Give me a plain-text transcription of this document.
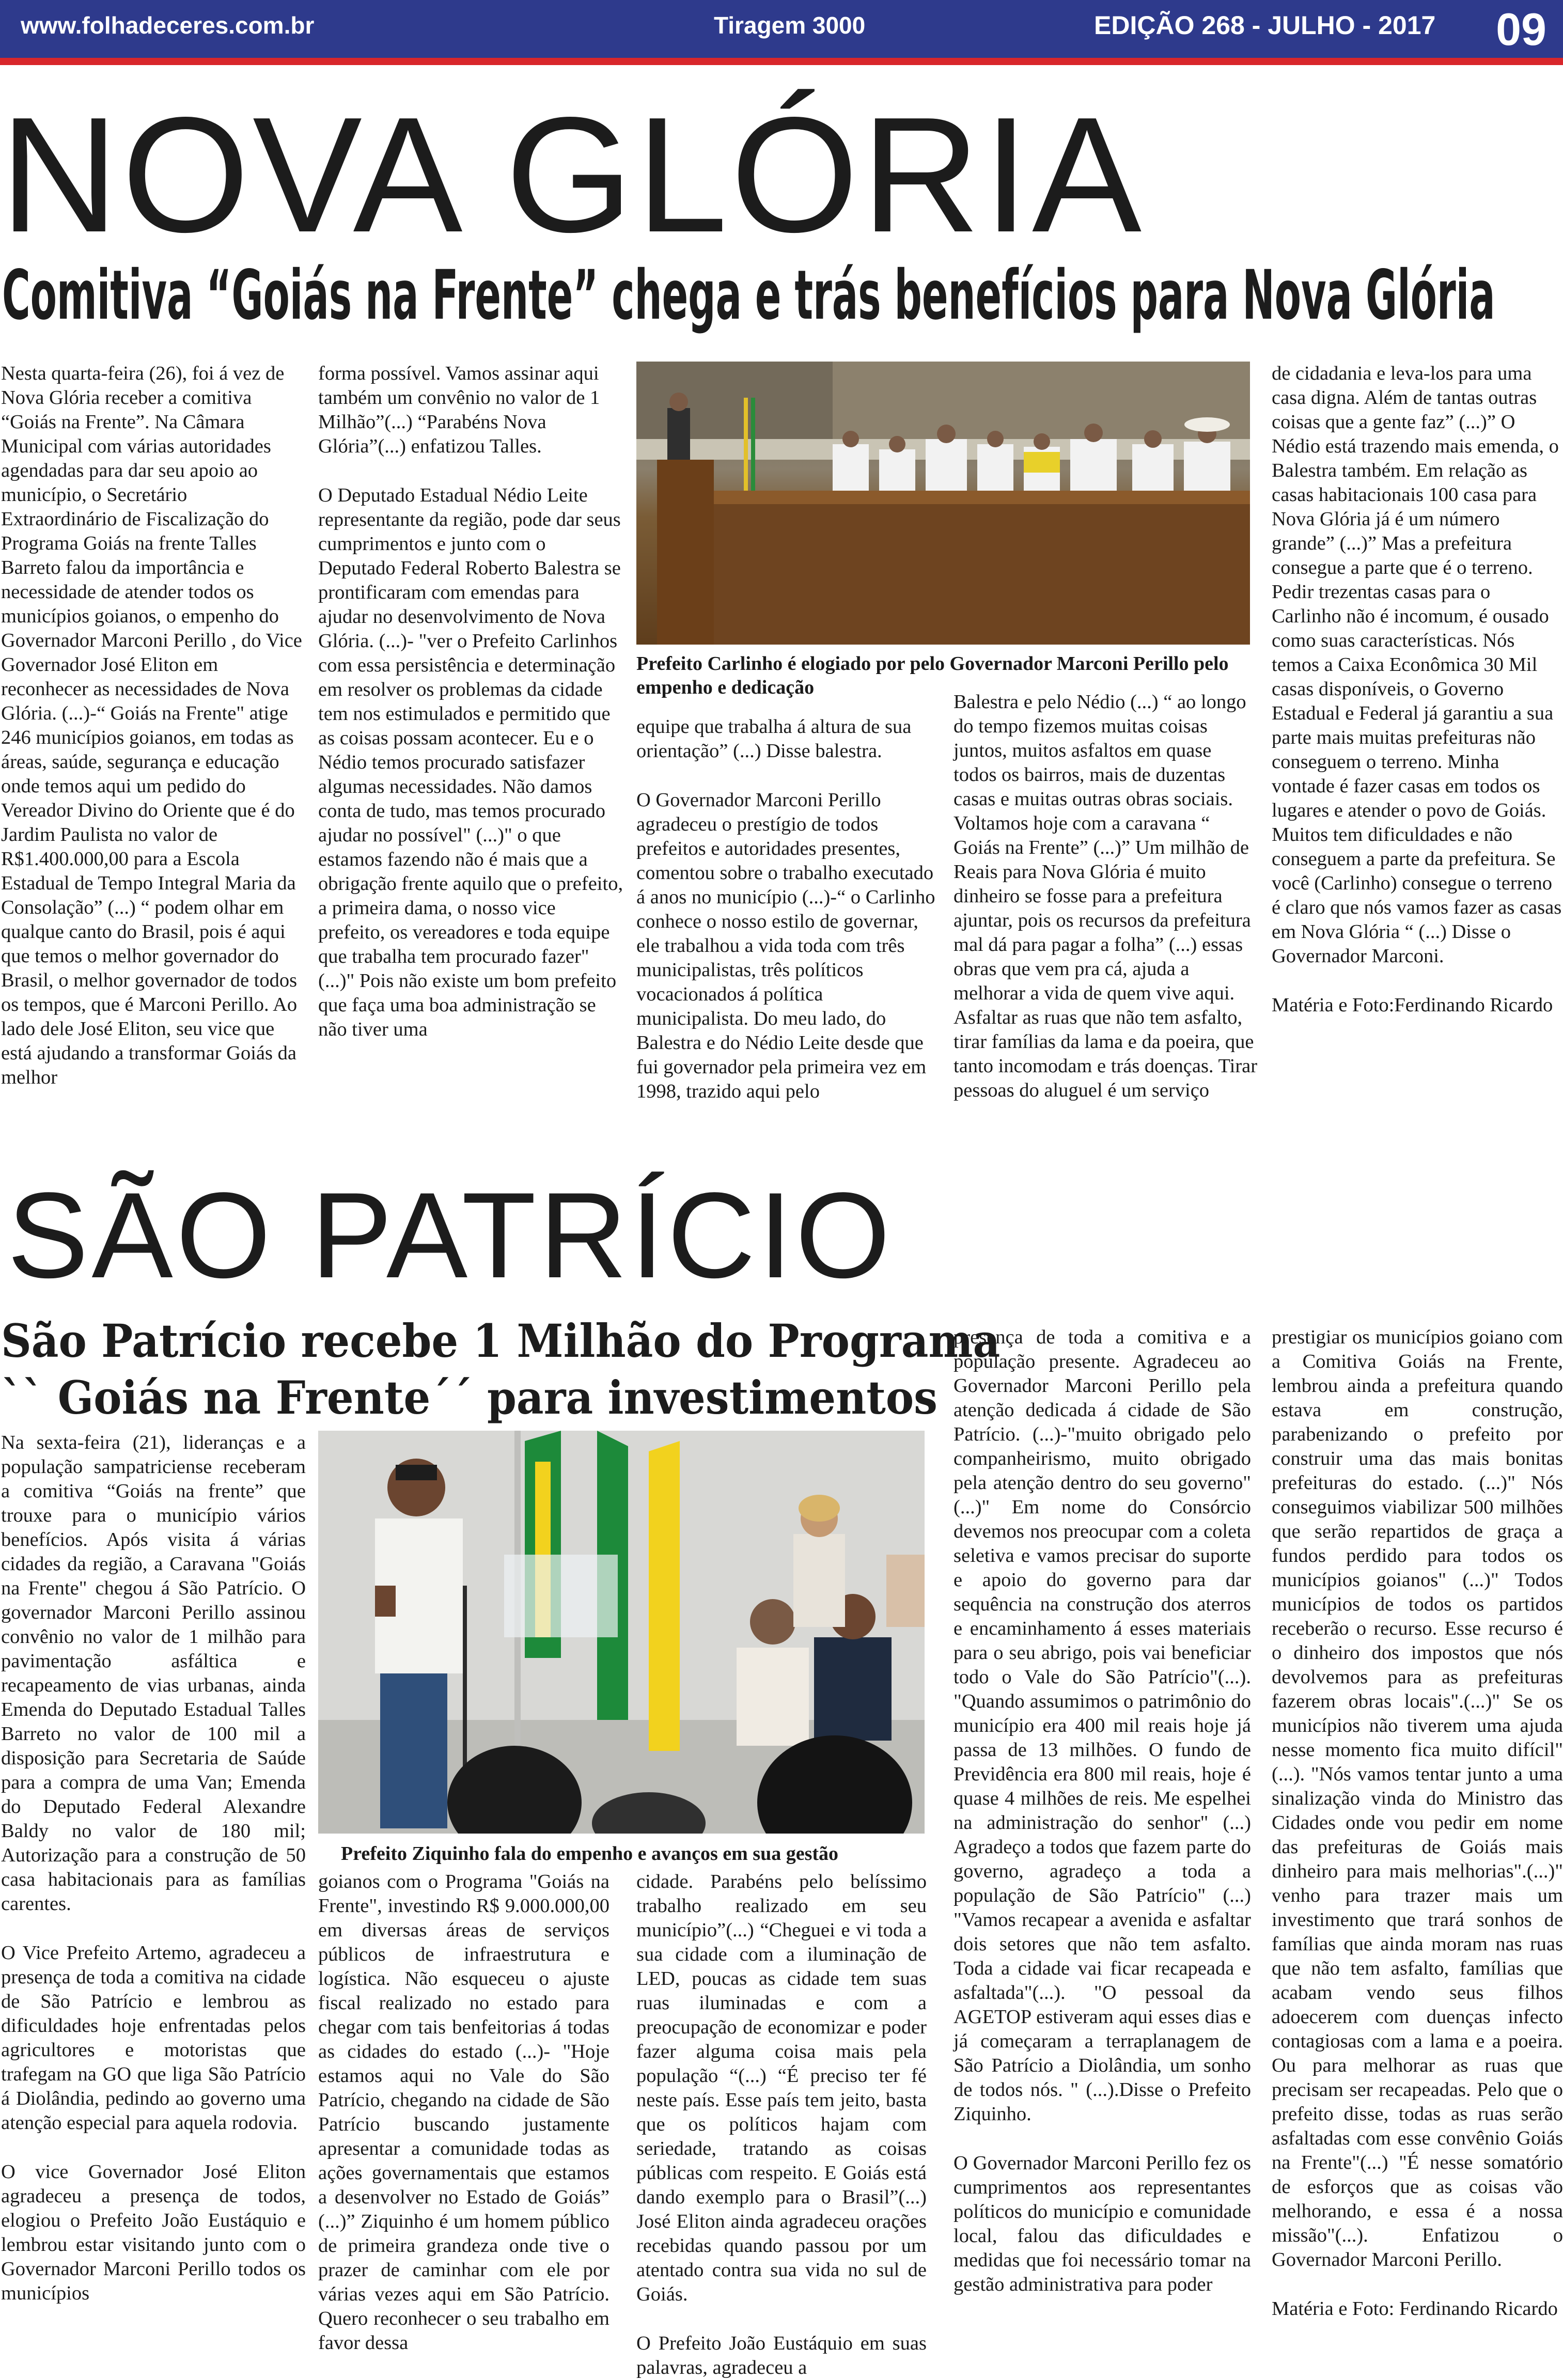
www.folhadeceres.com.br	Tiragem 3000	EDIÇÃO 268 - JULHO - 2017 09
NOVA GLÓRIA
Comitiva “Goiás na Frente” chega e trás benefícios para Nova Glória

Nesta quarta-feira (26), foi á vez de Nova Glória receber a comitiva “Goiás na Frente”. Na Câmara Municipal com várias autoridades agendadas para dar seu apoio ao município, o Secretário Extraordinário de Fiscalização do Programa Goiás na frente Talles Barreto falou da importância e necessidade de atender todos os municípios goianos, o empenho do Governador Marconi Perillo , do Vice Governador José Eliton em reconhecer as necessidades de Nova Glória. (...)-“ Goiás na Frente" atige 246 municípios goianos, em todas as áreas, saúde, segurança e educação onde temos aqui um pedido do Vereador Divino do Oriente que é do Jardim Paulista no valor de R$1.400.000,00 para a Escola Estadual de Tempo Integral Maria da Consolação” (...) “ podem olhar em qualque canto do Brasil, pois é aqui que temos o melhor governador do Brasil, o melhor governador de todos os tempos, que é Marconi Perillo. Ao lado dele José Eliton, seu vice que está ajudando a transformar Goiás da melhor

forma possível. Vamos assinar aqui também um convênio no valor de 1 Milhão”(...) “Parabéns Nova Glória”(...) enfatizou Talles.

O Deputado Estadual Nédio Leite representante da região, pode dar seus cumprimentos e junto com o Deputado Federal Roberto Balestra se prontificaram com emendas para ajudar no desenvolvimento de Nova Glória. (...)- "ver o Prefeito Carlinhos com essa persistência e determinação em resolver os problemas da cidade tem nos estimulados e permitido que as coisas possam acontecer. Eu e o Nédio temos procurado satisfazer algumas necessidades. Não damos conta de tudo, mas temos procurado ajudar no possível" (...)" o que estamos fazendo não é mais que a obrigação frente aquilo que o prefeito, a primeira dama, o nosso vice prefeito, os vereadores e toda equipe que trabalha tem procurado fazer"(...)" Pois não existe um bom prefeito que faça uma boa administração se não tiver uma

Prefeito Carlinho é elogiado por pelo Governador Marconi Perillo pelo empenho e dedicação

equipe que trabalha á altura de sua orientação” (...) Disse balestra.

O Governador Marconi Perillo agradeceu o prestígio de todos prefeitos e autoridades presentes, comentou sobre o trabalho executado á anos no município (...)-“ o Carlinho conhece o nosso estilo de governar, ele trabalhou a vida toda com três municipalistas, três políticos vocacionados á política municipalista. Do meu lado, do Balestra e do Nédio Leite desde que fui governador pela primeira vez em 1998, trazido aqui pelo

Balestra e pelo Nédio (...) “ ao longo do tempo fizemos muitas coisas juntos, muitos asfaltos em quase todos os bairros, mais de duzentas casas e muitas outras obras sociais. Voltamos hoje com a caravana “ Goiás na Frente” (...)” Um milhão de Reais para Nova Glória é muito dinheiro se fosse para a prefeitura ajuntar, pois os recursos da prefeitura mal dá para pagar a folha” (...) essas obras que vem pra cá, ajuda a melhorar a vida de quem vive aqui. Asfaltar as ruas que não tem asfalto, tirar famílias da lama e da poeira, que tanto incomodam e trás doenças. Tirar pessoas do aluguel é um serviço

de cidadania e leva-los para uma casa digna. Além de tantas outras coisas que a gente faz” (...)” O Nédio está trazendo mais emenda, o Balestra também. Em relação as casas habitacionais 100 casa para Nova Glória já é um número grande” (...)” Mas a prefeitura consegue a parte que é o terreno. Pedir trezentas casas para o Carlinho não é incomum, é ousado como suas características. Nós temos a Caixa Econômica 30 Mil casas disponíveis, o Governo Estadual e Federal já garantiu a sua parte mais muitas prefeituras não conseguem o terreno. Minha vontade é fazer casas em todos os lugares e atender o povo de Goiás. Muitos tem dificuldades e não conseguem a parte da prefeitura. Se você (Carlinho) consegue o terreno é claro que nós vamos fazer as casas em Nova Glória “ (...) Disse o Governador Marconi.

Matéria e Foto:Ferdinando Ricardo

SÃO PATRÍCIO
São Patrício recebe 1 Milhão do Programa
`` Goiás na Frente´´ para investimentos

Na sexta-feira (21), lideranças e a população sampatriciense receberam a comitiva “Goiás na frente” que trouxe para o município vários benefícios. Após visita á várias cidades da região, a Caravana "Goiás na Frente" chegou á São Patrício. O governador Marconi Perillo assinou convênio no valor de 1 milhão para pavimentação asfáltica e recapeamento de vias urbanas, ainda Emenda do Deputado Estadual Talles Barreto no valor de 100 mil a disposição para Secretaria de Saúde para a compra de uma Van; Emenda do Deputado Federal Alexandre Baldy no valor de 180 mil; Autorização para a construção de 50 casa habitacionais para as famílias carentes.

O Vice Prefeito Artemo, agradeceu a presença de toda a comitiva na cidade de São Patrício e lembrou as dificuldades hoje enfrentadas pelos agricultores e motoristas que trafegam na GO que liga São Patrício á Diolândia, pedindo ao governo uma atenção especial para aquela rodovia.

O vice Governador José Eliton agradeceu a presença de todos, elogiou o Prefeito João Eustáquio e lembrou estar visitando junto com o Governador Marconi Perillo todos os municípios

Prefeito Ziquinho fala do empenho e avanços em sua gestão

goianos com o Programa "Goiás na Frente", investindo R$ 9.000.000,00 em diversas áreas de serviços públicos de infraestrutura e logística. Não esqueceu o ajuste fiscal realizado no estado para chegar com tais benfeitorias á todas as cidades do estado (...)- "Hoje estamos aqui no Vale do São Patrício, chegando na cidade de São Patrício buscando justamente apresentar a comunidade todas as ações governamentais que estamos a desenvolver no Estado de Goiás” (...)” Ziquinho é um homem público de primeira grandeza onde tive o prazer de caminhar com ele por várias vezes aqui em São Patrício. Quero reconhecer o seu trabalho em favor dessa

cidade. Parabéns pelo belíssimo trabalho realizado em seu município”(...) “Cheguei e vi toda a sua cidade com a iluminação de LED, poucas as cidade tem suas ruas iluminadas e com a preocupação de economizar e poder fazer alguma coisa mais pela população “(...) “É preciso ter fé neste país. Esse país tem jeito, basta que os políticos hajam com seriedade, tratando as coisas públicas com respeito. E Goiás está dando exemplo para o Brasil”(...) José Eliton ainda agradeceu orações recebidas quando passou por um atentado contra sua vida no sul de Goiás.

O Prefeito João Eustáquio em suas palavras, agradeceu a

presença de toda a comitiva e a população presente. Agradeceu ao Governador Marconi Perillo pela atenção dedicada á cidade de São Patrício. (...)-"muito obrigado pelo companheirismo, muito obrigado pela atenção dentro do seu governo"(...)" Em nome do Consórcio devemos nos preocupar com a coleta seletiva e vamos precisar do suporte e apoio do governo para dar sequência na construção dos aterros e encaminhamento á esses materiais para o seu abrigo, pois vai beneficiar todo o Vale do São Patrício"(...). "Quando assumimos o patrimônio do município era 400 mil reais hoje já passa de 13 milhões. O fundo de Previdência era 800 mil reais, hoje é quase 4 milhões de reis. Me espelhei na administração do senhor" (...) Agradeço a todos que fazem parte do governo, agradeço a toda a população de São Patrício" (...) "Vamos recapear a avenida e asfaltar dois setores que não tem asfalto. Toda a cidade vai ficar recapeada e asfaltada"(...). "O pessoal da AGETOP estiveram aqui esses dias e já começaram a terraplanagem de São Patrício a Diolândia, um sonho de todos nós. " (...).Disse o Prefeito Ziquinho.

O Governador Marconi Perillo fez os cumprimentos aos representantes políticos do município e comunidade local, falou das dificuldades e medidas que foi necessário tomar na gestão administrativa para poder

prestigiar os municípios goiano com a Comitiva Goiás na Frente, lembrou ainda a prefeitura quando estava em construção, parabenizando o prefeito por construir uma das mais bonitas prefeituras do estado. (...)" Nós conseguimos viabilizar 500 milhões que serão repartidos de graça a fundos perdido para todos os municípios goianos" (...)" Todos municípios de todos os partidos receberão o recurso. Esse recurso é o dinheiro dos impostos que nós devolvemos para as prefeituras fazerem obras locais".(...)" Se os municípios não tiverem uma ajuda nesse momento fica muito difícil" (...). "Nós vamos tentar junto a uma sinalização vinda do Ministro das Cidades onde vou pedir em nome das prefeituras de Goiás mais dinheiro para mais melhorias".(...)" venho para trazer mais um investimento que trará sonhos de famílias que ainda moram nas ruas que não tem asfalto, famílias que acabam vendo seus filhos adoecerem com duenças infecto contagiosas com a lama e a poeira. Ou para melhorar as ruas que precisam ser recapeadas. Pelo que o prefeito disse, todas as ruas serão asfaltadas com esse convênio Goiás na Frente"(...) "É nesse somatório de esforços que as coisas vão melhorando, e essa é a nossa missão"(...). Enfatizou o Governador Marconi Perillo.

Matéria e Foto: Ferdinando Ricardo
